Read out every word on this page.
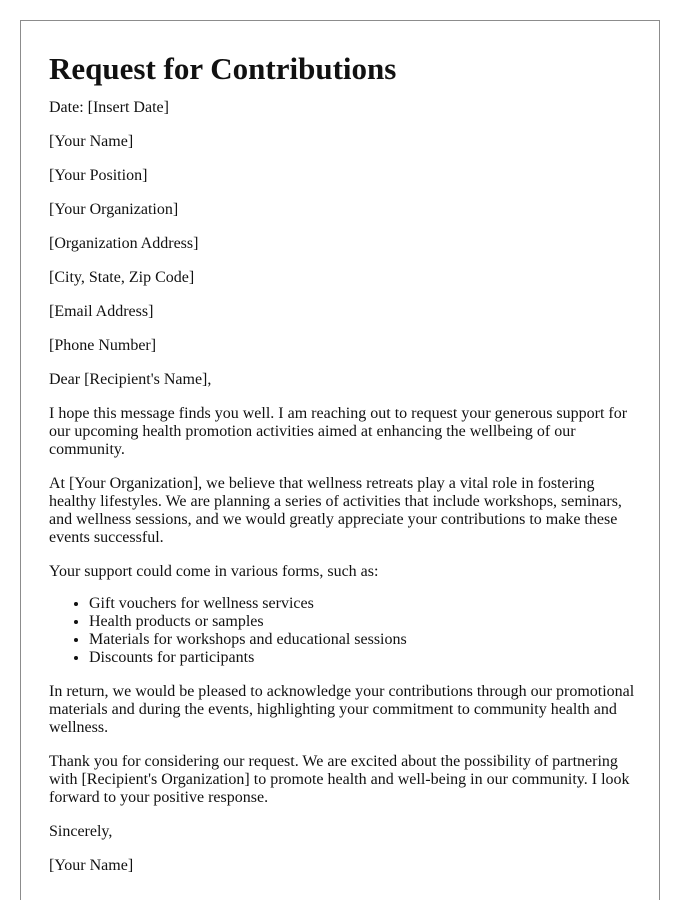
Request for Contributions

Date: [Insert Date]

[Your Name]

[Your Position]

[Your Organization]

[Organization Address]

[City, State, Zip Code]

[Email Address]

[Phone Number]

Dear [Recipient's Name],

I hope this message finds you well. I am reaching out to request your generous support for our upcoming health promotion activities aimed at enhancing the wellbeing of our community.

At [Your Organization], we believe that wellness retreats play a vital role in fostering healthy lifestyles. We are planning a series of activities that include workshops, seminars, and wellness sessions, and we would greatly appreciate your contributions to make these events successful.

Your support could come in various forms, such as:

• Gift vouchers for wellness services
• Health products or samples
• Materials for workshops and educational sessions
• Discounts for participants

In return, we would be pleased to acknowledge your contributions through our promotional materials and during the events, highlighting your commitment to community health and wellness.

Thank you for considering our request. We are excited about the possibility of partnering with [Recipient's Organization] to promote health and well-being in our community. I look forward to your positive response.

Sincerely,

[Your Name]
